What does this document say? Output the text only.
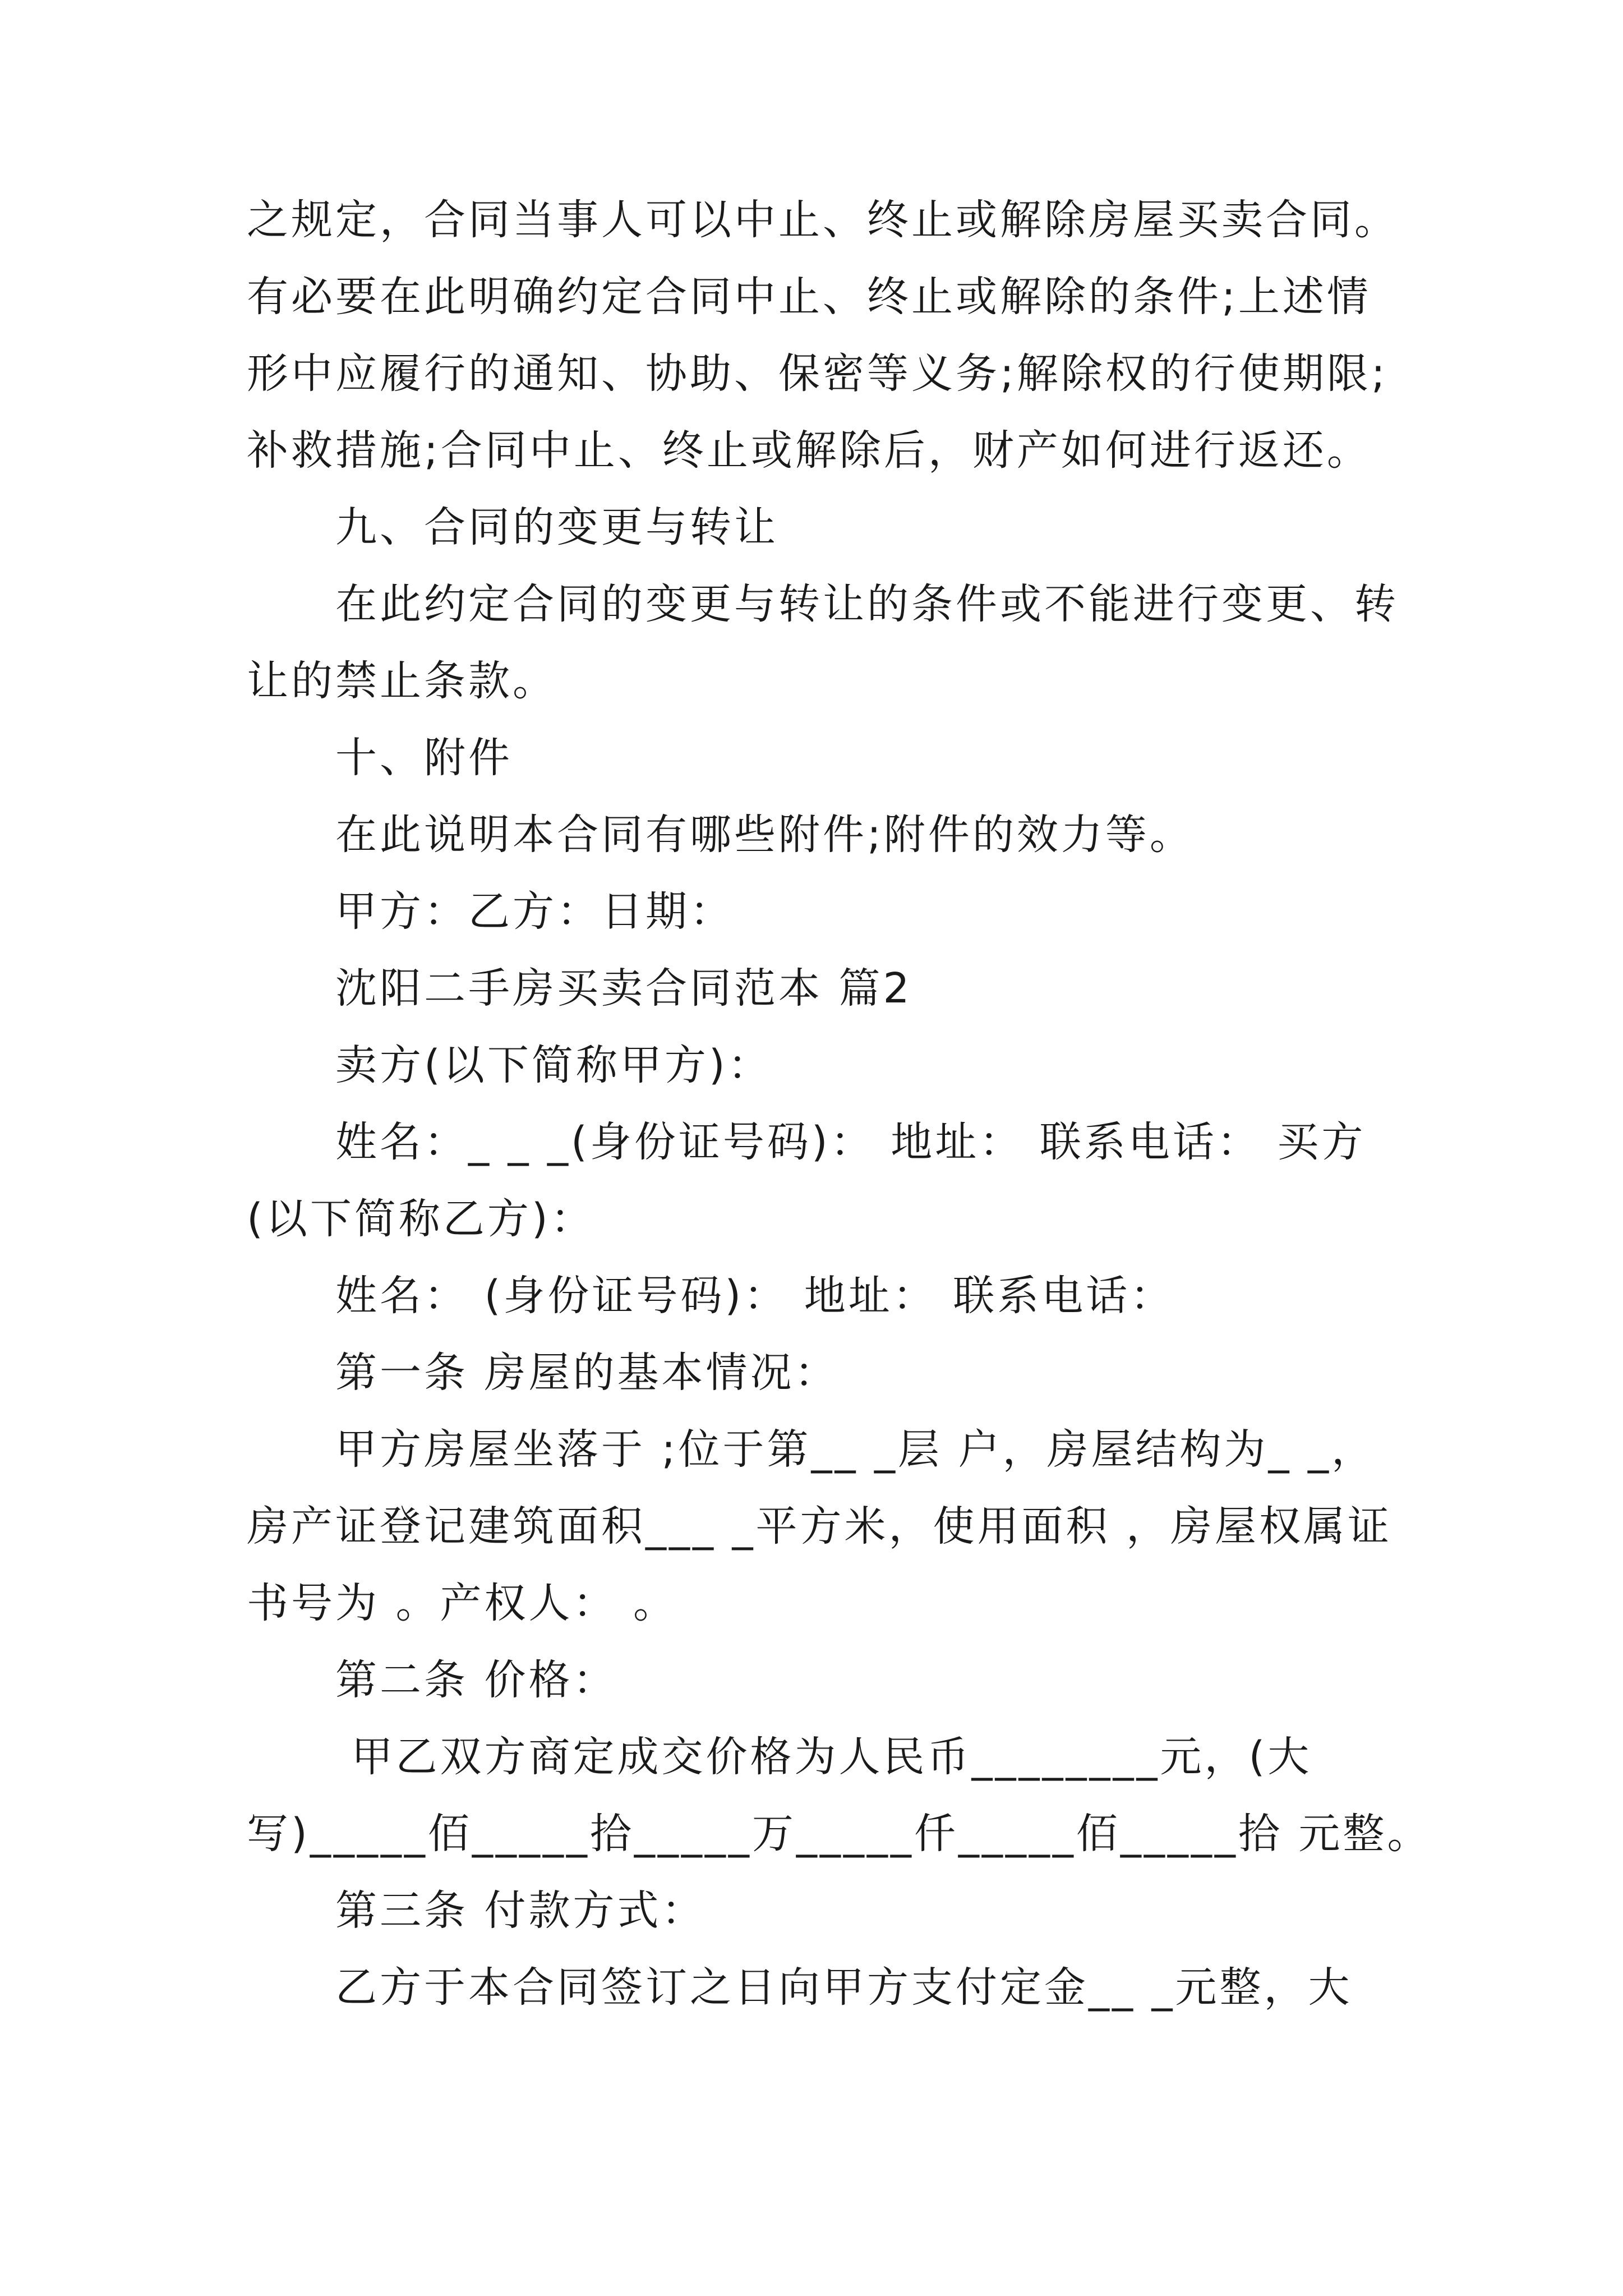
之规定，合同当事人可以中止、终止或解除房屋买卖合同。
有必要在此明确约定合同中止、终止或解除的条件;上述情
形中应履行的通知、协助、保密等义务;解除权的行使期限;
补救措施;合同中止、终止或解除后，财产如何进行返还。
九、合同的变更与转让
在此约定合同的变更与转让的条件或不能进行变更、转
让的禁止条款。
十、附件
在此说明本合同有哪些附件;附件的效力等。
甲方：乙方：日期：
沈阳二手房买卖合同范本 篇2
卖方(以下简称甲方)：
姓名：_ _ _(身份证号码)： 地址： 联系电话： 买方
(以下简称乙方)：
姓名： (身份证号码)： 地址： 联系电话：
第一条 房屋的基本情况：
甲方房屋坐落于 ;位于第__ _层 户，房屋结构为_ _，
房产证登记建筑面积___ _平方米，使用面积 ，房屋权属证
书号为 。产权人： 。
第二条 价格：
甲乙双方商定成交价格为人民币________元，(大
写)_____佰_____拾_____万_____仟_____佰_____拾 元整。
第三条 付款方式：
乙方于本合同签订之日向甲方支付定金__ _元整，大
